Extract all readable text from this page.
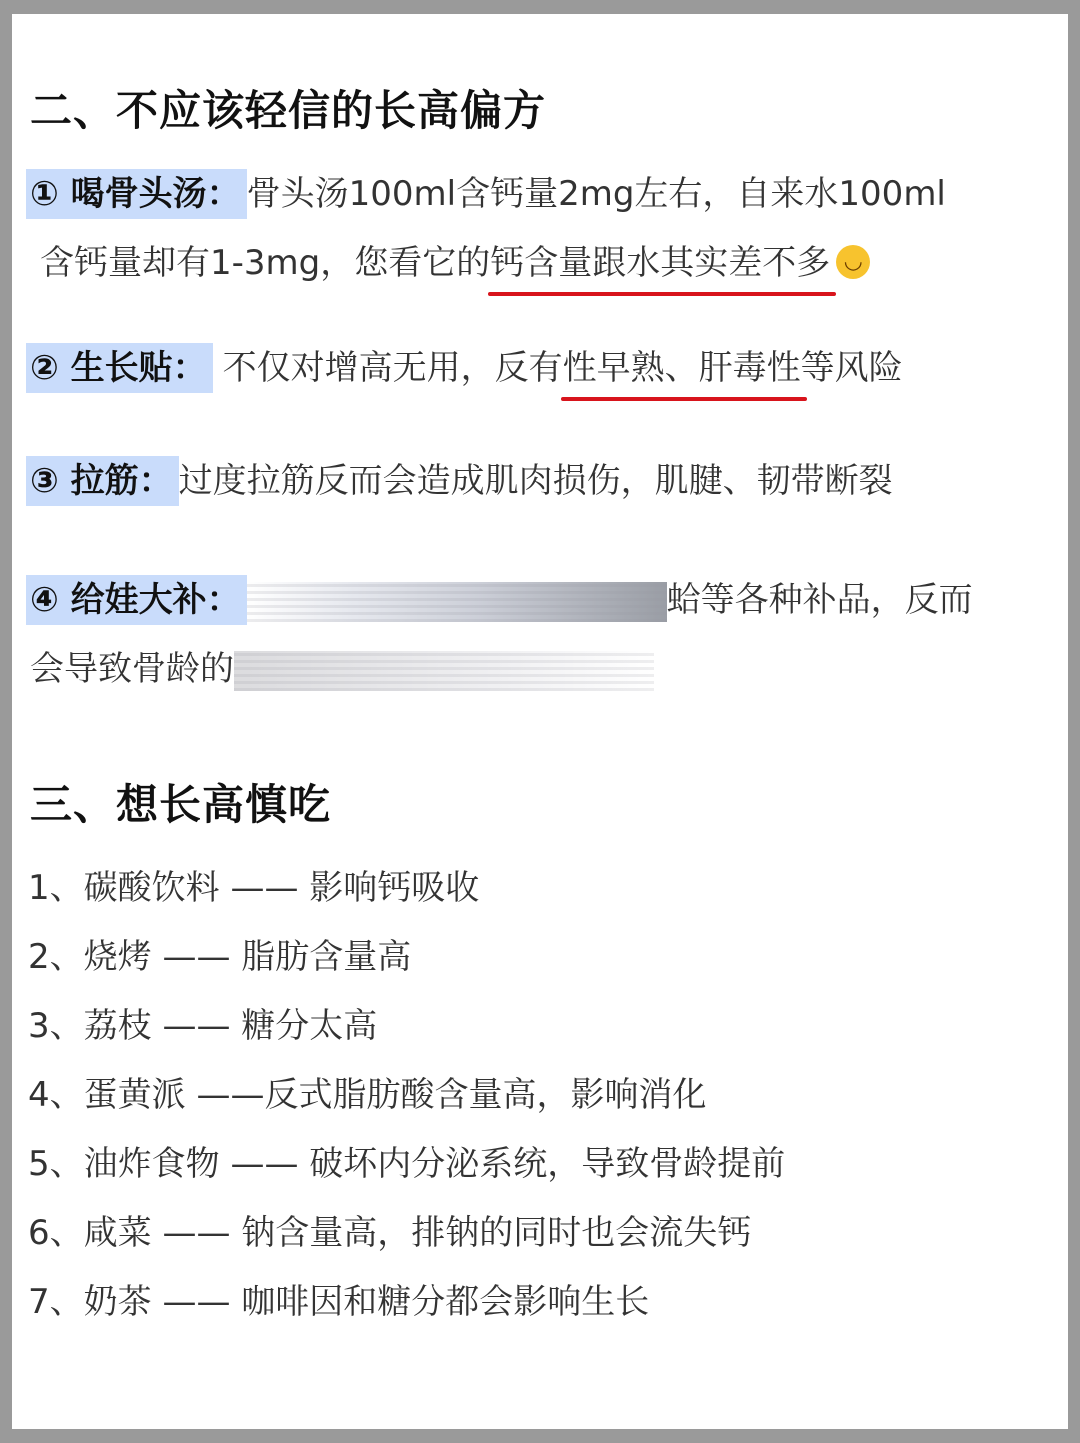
二、不应该轻信的长高偏方
① 喝骨头汤： 骨头汤100ml含钙量2mg左右，自来水100ml
含钙量却有1-3mg，您看它的钙含量跟水其实差不多 ◡
② 生长贴： 不仅对增高无用，反有性早熟、肝毒性等风险
③ 拉筋： 过度拉筋反而会造成肌肉损伤，肌腱、韧带断裂
④ 给娃大补：	蛤等各种补品，反而
会导致骨龄的
三、想长高慎吃
1、碳酸饮料 —— 影响钙吸收
2、烧烤 —— 脂肪含量高
3、荔枝 —— 糖分太高
4、蛋黄派 ——反式脂肪酸含量高，影响消化
5、油炸食物 —— 破坏内分泌系统，导致骨龄提前
6、咸菜 —— 钠含量高，排钠的同时也会流失钙
7、奶茶 —— 咖啡因和糖分都会影响生长
